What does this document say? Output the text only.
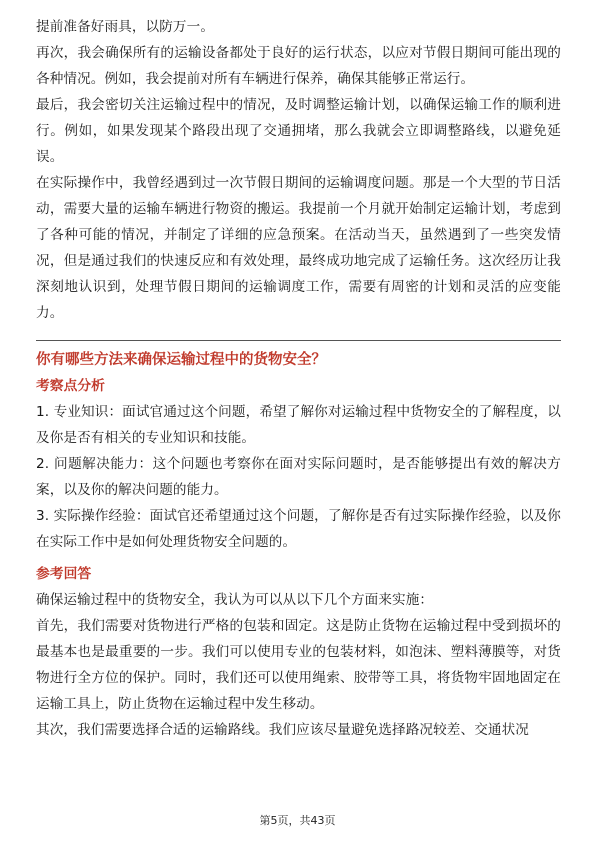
提前准备好雨具，以防万一。

再次，我会确保所有的运输设备都处于良好的运行状态，以应对节假日期间可能出现的各种情况。例如，我会提前对所有车辆进行保养，确保其能够正常运行。

最后，我会密切关注运输过程中的情况，及时调整运输计划，以确保运输工作的顺利进行。例如，如果发现某个路段出现了交通拥堵，那么我就会立即调整路线，以避免延误。

在实际操作中，我曾经遇到过一次节假日期间的运输调度问题。那是一个大型的节日活动，需要大量的运输车辆进行物资的搬运。我提前一个月就开始制定运输计划，考虑到了各种可能的情况，并制定了详细的应急预案。在活动当天，虽然遇到了一些突发情况，但是通过我们的快速反应和有效处理，最终成功地完成了运输任务。这次经历让我深刻地认识到，处理节假日期间的运输调度工作，需要有周密的计划和灵活的应变能力。

你有哪些方法来确保运输过程中的货物安全？
考察点分析

1. 专业知识：面试官通过这个问题，希望了解你对运输过程中货物安全的了解程度，以及你是否有相关的专业知识和技能。

2. 问题解决能力：这个问题也考察你在面对实际问题时，是否能够提出有效的解决方案，以及你的解决问题的能力。

3. 实际操作经验：面试官还希望通过这个问题，了解你是否有过实际操作经验，以及你在实际工作中是如何处理货物安全问题的。

参考回答

确保运输过程中的货物安全，我认为可以从以下几个方面来实施：

首先，我们需要对货物进行严格的包装和固定。这是防止货物在运输过程中受到损坏的最基本也是最重要的一步。我们可以使用专业的包装材料，如泡沫、塑料薄膜等，对货物进行全方位的保护。同时，我们还可以使用绳索、胶带等工具，将货物牢固地固定在运输工具上，防止货物在运输过程中发生移动。

其次，我们需要选择合适的运输路线。我们应该尽量避免选择路况较差、交通状况

第5页，共43页
